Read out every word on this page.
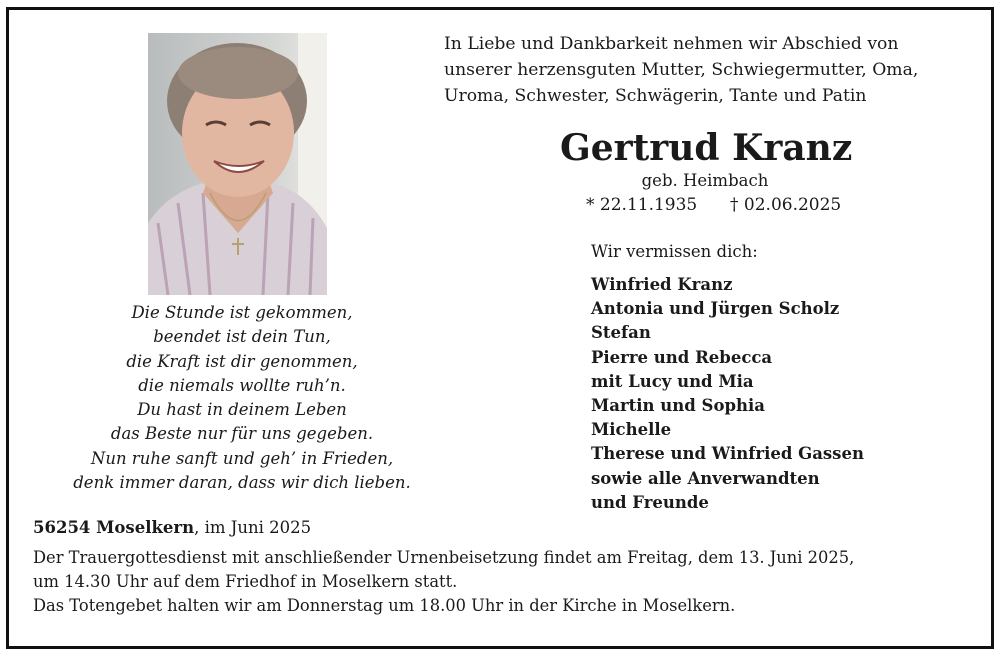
Die Stunde ist gekommen,
beendet ist dein Tun,
die Kraft ist dir genommen,
die niemals wollte ruh’n.
Du hast in deinem Leben
das Beste nur für uns gegeben.
Nun ruhe sanft und geh’ in Frieden,
denk immer daran, dass wir dich lieben.
In Liebe und Dankbarkeit nehmen wir Abschied von
unserer herzensguten Mutter, Schwiegermutter, Oma,
Uroma, Schwester, Schwägerin, Tante und Patin
Gertrud Kranz
geb. Heimbach
* 22.11.1935 † 02.06.2025
Wir vermissen dich:
Winfried Kranz
Antonia und Jürgen Scholz
Stefan
Pierre und Rebecca
mit Lucy und Mia
Martin und Sophia
Michelle
Therese und Winfried Gassen
sowie alle Anverwandten
und Freunde
56254 Moselkern, im Juni 2025
Der Trauergottesdienst mit anschließender Urnenbeisetzung findet am Freitag, dem 13. Juni 2025,
um 14.30 Uhr auf dem Friedhof in Moselkern statt.
Das Totengebet halten wir am Donnerstag um 18.00 Uhr in der Kirche in Moselkern.
